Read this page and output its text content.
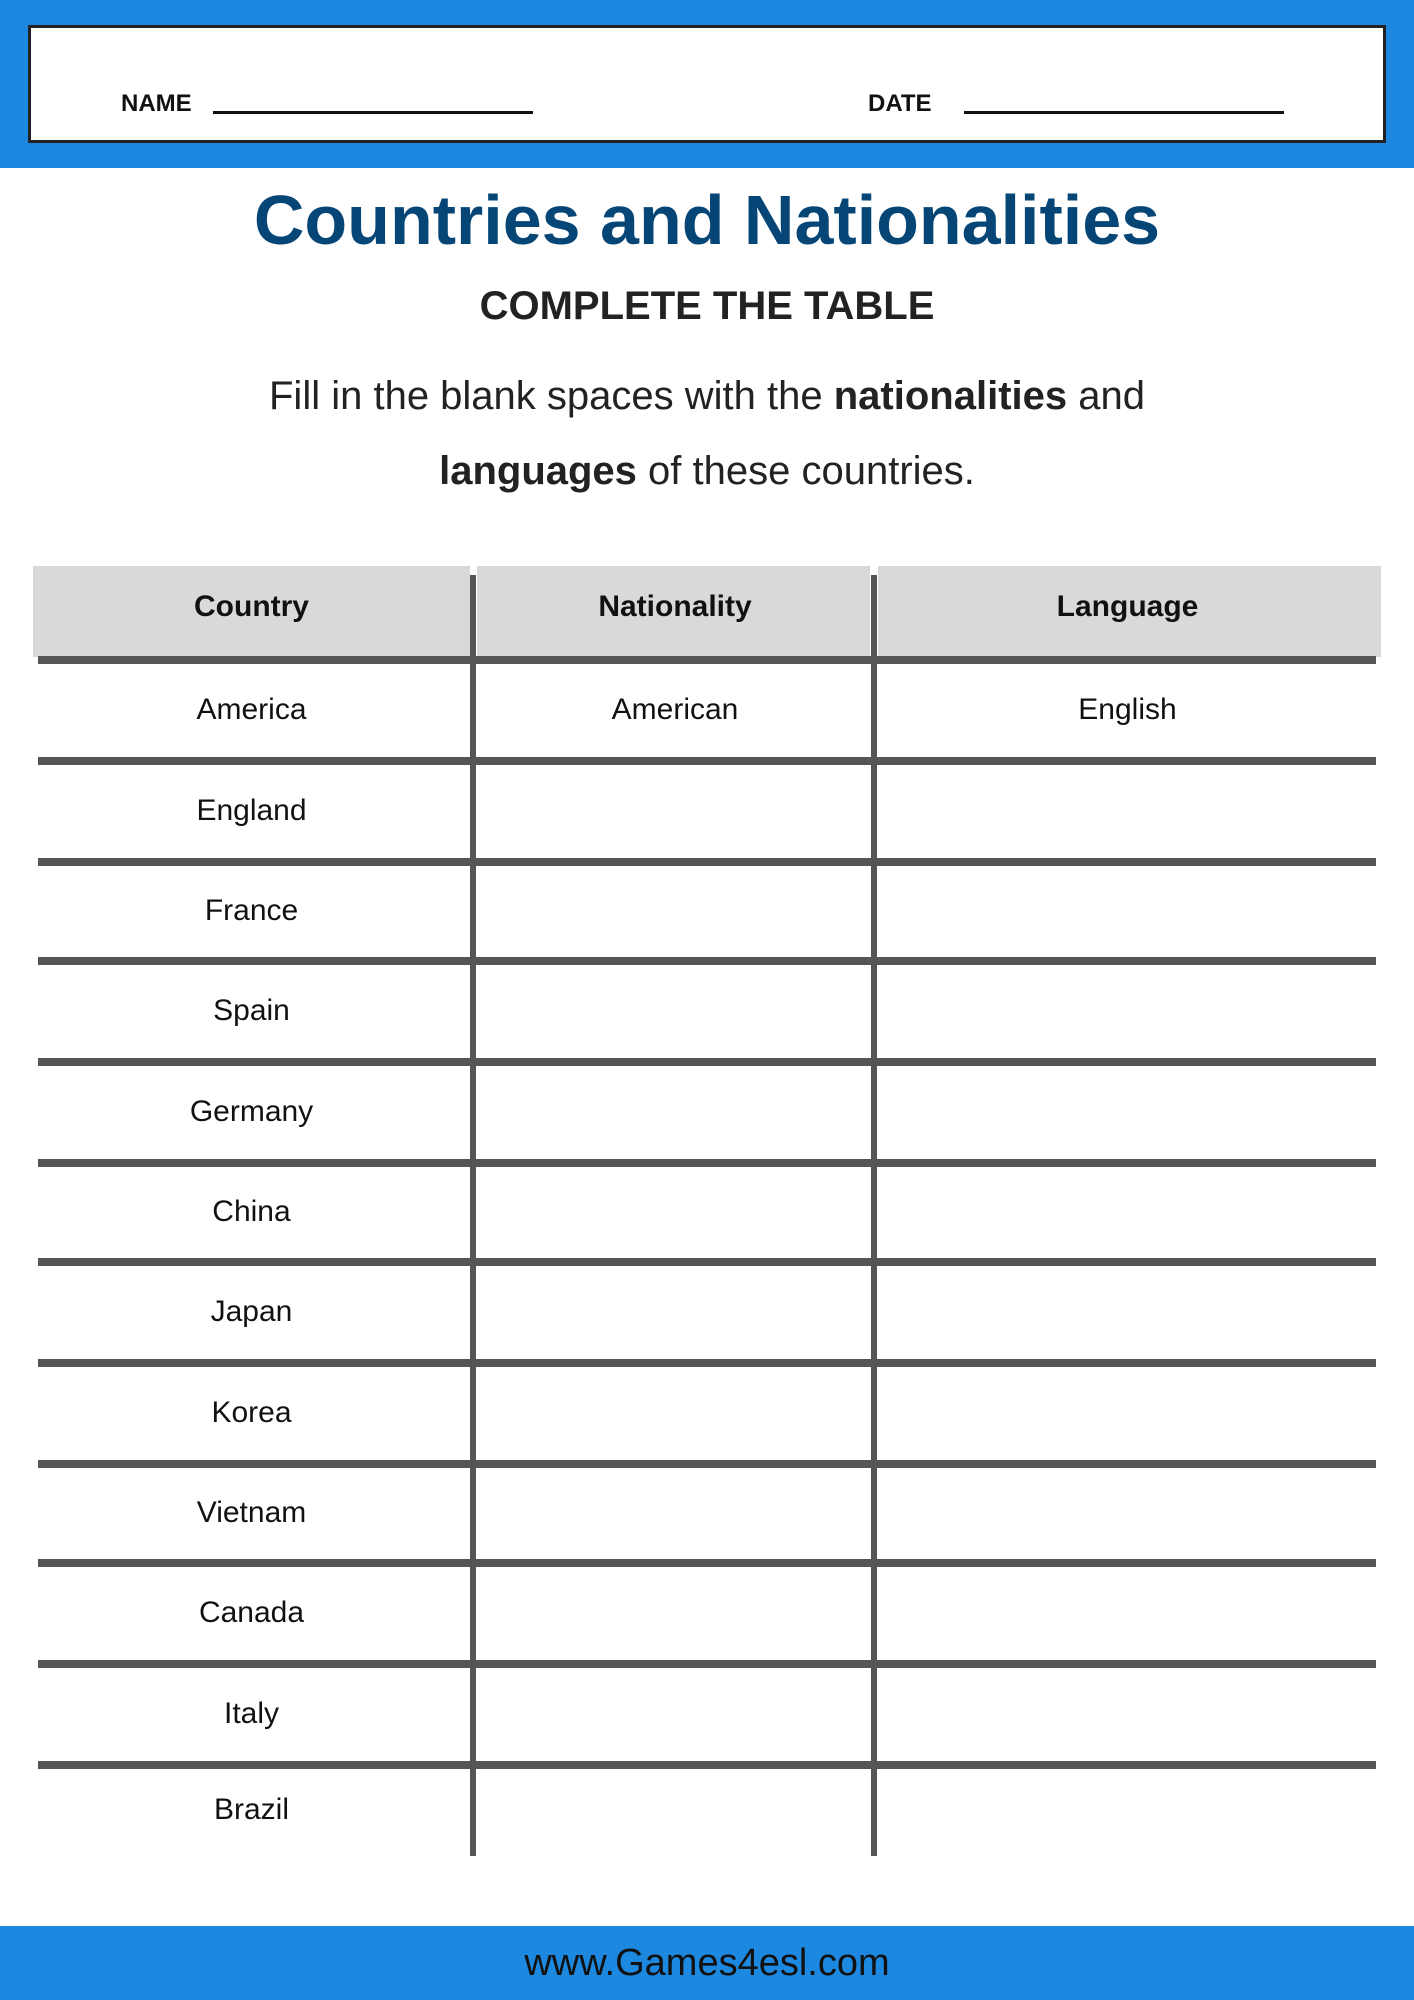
NAME	DATE
Countries and Nationalities
COMPLETE THE TABLE
Fill in the blank spaces with the nationalities and
languages of these countries.
Country	Nationality	Language
America	American	English
England
France
Spain
Germany
China
Japan
Korea
Vietnam
Canada
Italy
Brazil
www.Games4esl.com
